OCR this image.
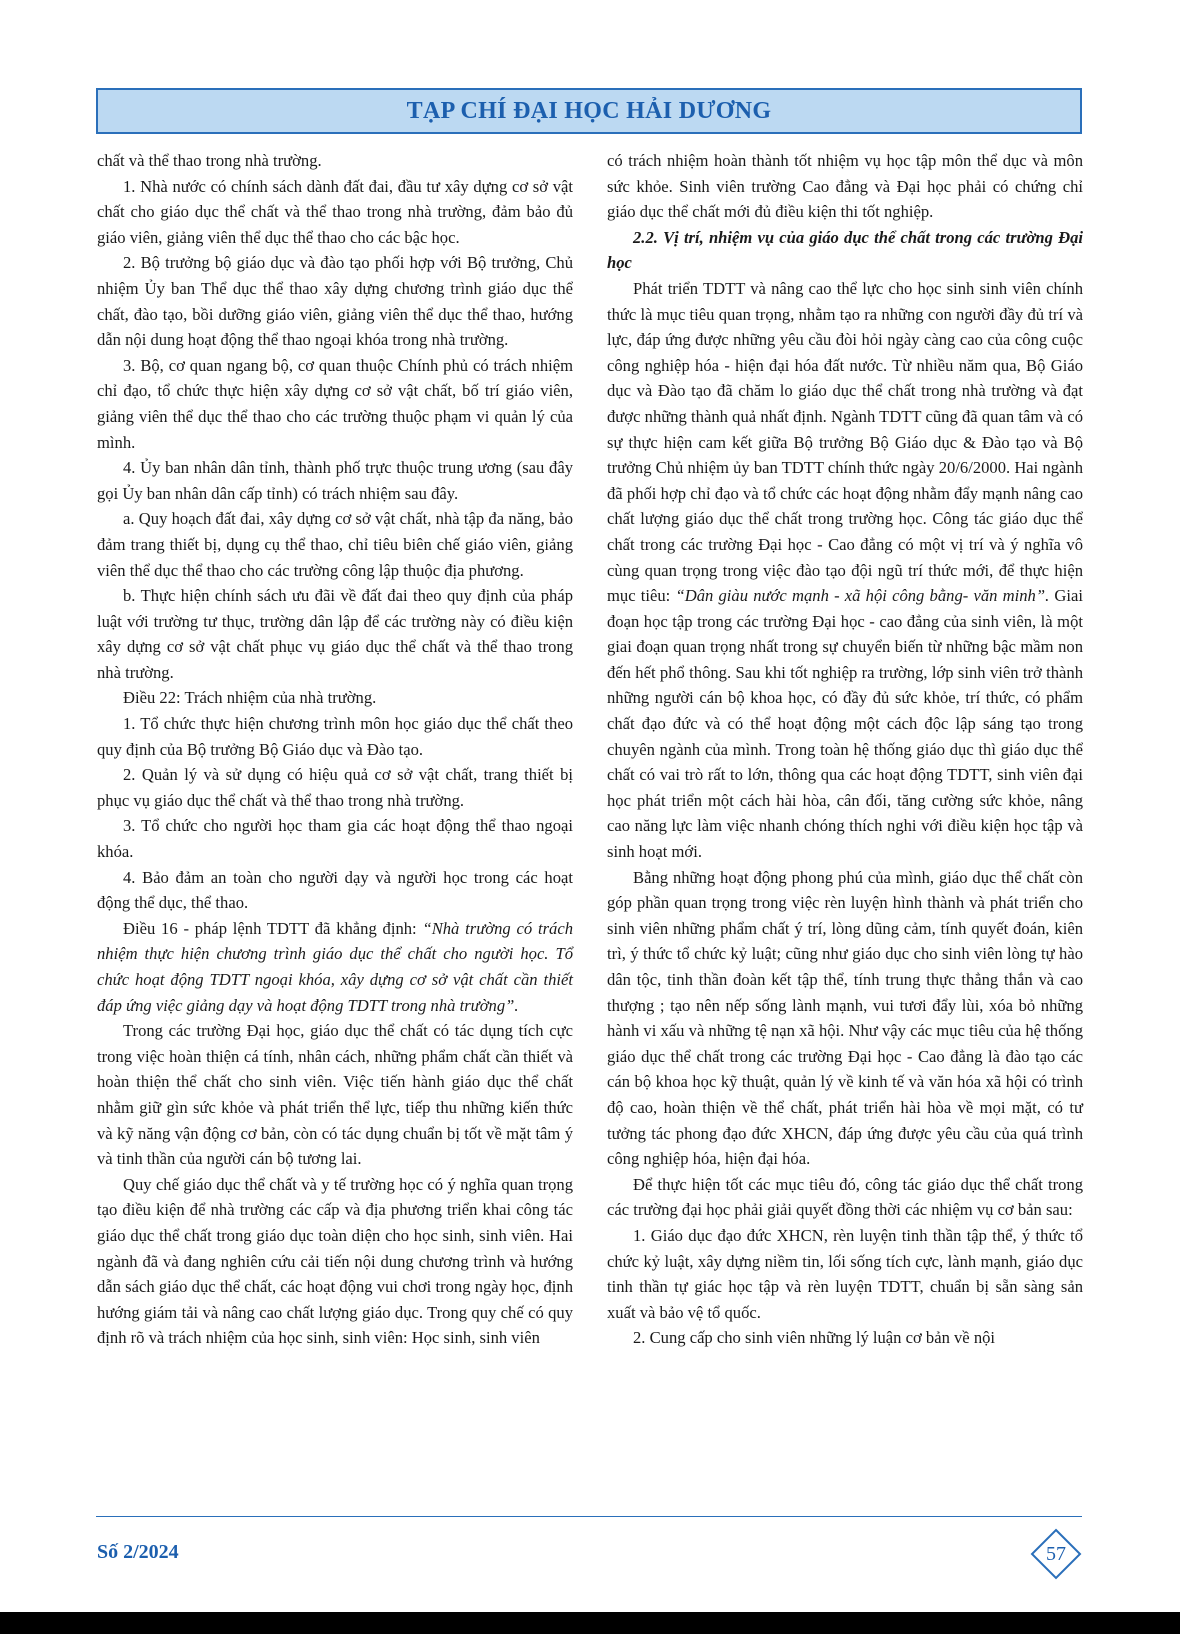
TẠP CHÍ ĐẠI HỌC HẢI DƯƠNG

chất và thể thao trong nhà trường.

1. Nhà nước có chính sách dành đất đai, đầu tư xây dựng cơ sở vật chất cho giáo dục thể chất và thể thao trong nhà trường, đảm bảo đủ giáo viên, giảng viên thể dục thể thao cho các bậc học.

2. Bộ trưởng bộ giáo dục và đào tạo phối hợp với Bộ trưởng, Chủ nhiệm Ủy ban Thể dục thể thao xây dựng chương trình giáo dục thể chất, đào tạo, bồi dưỡng giáo viên, giảng viên thể dục thể thao, hướng dẫn nội dung hoạt động thể thao ngoại khóa trong nhà trường.

3. Bộ, cơ quan ngang bộ, cơ quan thuộc Chính phủ có trách nhiệm chỉ đạo, tổ chức thực hiện xây dựng cơ sở vật chất, bố trí giáo viên, giảng viên thể dục thể thao cho các trường thuộc phạm vi quản lý của mình.

4. Ủy ban nhân dân tỉnh, thành phố trực thuộc trung ương (sau đây gọi Ủy ban nhân dân cấp tỉnh) có trách nhiệm sau đây.

a. Quy hoạch đất đai, xây dựng cơ sở vật chất, nhà tập đa năng, bảo đảm trang thiết bị, dụng cụ thể thao, chỉ tiêu biên chế giáo viên, giảng viên thể dục thể thao cho các trường công lập thuộc địa phương.

b. Thực hiện chính sách ưu đãi về đất đai theo quy định của pháp luật với trường tư thục, trường dân lập để các trường này có điều kiện xây dựng cơ sở vật chất phục vụ giáo dục thể chất và thể thao trong nhà trường.

Điều 22: Trách nhiệm của nhà trường.

1. Tổ chức thực hiện chương trình môn học giáo dục thể chất theo quy định của Bộ trưởng Bộ Giáo dục và Đào tạo.

2. Quản lý và sử dụng có hiệu quả cơ sở vật chất, trang thiết bị phục vụ giáo dục thể chất và thể thao trong nhà trường.

3. Tổ chức cho người học tham gia các hoạt động thể thao ngoại khóa.

4. Bảo đảm an toàn cho người dạy và người học trong các hoạt động thể dục, thể thao.

Điều 16 - pháp lệnh TDTT đã khẳng định: “Nhà trường có trách nhiệm thực hiện chương trình giáo dục thể chất cho người học. Tổ chức hoạt động TDTT ngoại khóa, xây dựng cơ sở vật chất cần thiết đáp ứng việc giảng dạy và hoạt động TDTT trong nhà trường”.

Trong các trường Đại học, giáo dục thể chất có tác dụng tích cực trong việc hoàn thiện cá tính, nhân cách, những phẩm chất cần thiết và hoàn thiện thể chất cho sinh viên. Việc tiến hành giáo dục thể chất nhằm giữ gìn sức khỏe và phát triển thể lực, tiếp thu những kiến thức và kỹ năng vận động cơ bản, còn có tác dụng chuẩn bị tốt về mặt tâm ý và tinh thần của người cán bộ tương lai.

Quy chế giáo dục thể chất và y tế trường học có ý nghĩa quan trọng tạo điều kiện để nhà trường các cấp và địa phương triển khai công tác giáo dục thể chất trong giáo dục toàn diện cho học sinh, sinh viên. Hai ngành đã và đang nghiên cứu cải tiến nội dung chương trình và hướng dẫn sách giáo dục thể chất, các hoạt động vui chơi trong ngày học, định hướng giám tải và nâng cao chất lượng giáo dục. Trong quy chế có quy định rõ và trách nhiệm của học sinh, sinh viên: Học sinh, sinh viên

có trách nhiệm hoàn thành tốt nhiệm vụ học tập môn thể dục và môn sức khỏe. Sinh viên trường Cao đẳng và Đại học phải có chứng chỉ giáo dục thể chất mới đủ điều kiện thi tốt nghiệp.

2.2. Vị trí, nhiệm vụ của giáo dục thể chất trong các trường Đại học

Phát triển TDTT và nâng cao thể lực cho học sinh sinh viên chính thức là mục tiêu quan trọng, nhằm tạo ra những con người đầy đủ trí và lực, đáp ứng được những yêu cầu đòi hỏi ngày càng cao của công cuộc công nghiệp hóa - hiện đại hóa đất nước. Từ nhiều năm qua, Bộ Giáo dục và Đào tạo đã chăm lo giáo dục thể chất trong nhà trường và đạt được những thành quả nhất định. Ngành TDTT cũng đã quan tâm và có sự thực hiện cam kết giữa Bộ trưởng Bộ Giáo dục & Đào tạo và Bộ trưởng Chủ nhiệm ủy ban TDTT chính thức ngày 20/6/2000. Hai ngành đã phối hợp chỉ đạo và tổ chức các hoạt động nhằm đẩy mạnh nâng cao chất lượng giáo dục thể chất trong trường học. Công tác giáo dục thể chất trong các trường Đại học - Cao đẳng có một vị trí và ý nghĩa vô cùng quan trọng trong việc đào tạo đội ngũ trí thức mới, để thực hiện mục tiêu: “Dân giàu nước mạnh - xã hội công bằng- văn minh”. Giai đoạn học tập trong các trường Đại học - cao đẳng của sinh viên, là một giai đoạn quan trọng nhất trong sự chuyển biến từ những bậc mầm non đến hết phổ thông. Sau khi tốt nghiệp ra trường, lớp sinh viên trở thành những người cán bộ khoa học, có đầy đủ sức khỏe, trí thức, có phẩm chất đạo đức và có thể hoạt động một cách độc lập sáng tạo trong chuyên ngành của mình. Trong toàn hệ thống giáo dục thì giáo dục thể chất có vai trò rất to lớn, thông qua các hoạt động TDTT, sinh viên đại học phát triển một cách hài hòa, cân đối, tăng cường sức khỏe, nâng cao năng lực làm việc nhanh chóng thích nghi với điều kiện học tập và sinh hoạt mới.

Bằng những hoạt động phong phú của mình, giáo dục thể chất còn góp phần quan trọng trong việc rèn luyện hình thành và phát triển cho sinh viên những phẩm chất ý trí, lòng dũng cảm, tính quyết đoán, kiên trì, ý thức tổ chức kỷ luật; cũng như giáo dục cho sinh viên lòng tự hào dân tộc, tinh thần đoàn kết tập thể, tính trung thực thẳng thắn và cao thượng ; tạo nên nếp sống lành mạnh, vui tươi đẩy lùi, xóa bỏ những hành vi xấu và những tệ nạn xã hội. Như vậy các mục tiêu của hệ thống giáo dục thể chất trong các trường Đại học - Cao đẳng là đào tạo các cán bộ khoa học kỹ thuật, quản lý về kinh tế và văn hóa xã hội có trình độ cao, hoàn thiện về thể chất, phát triển hài hòa về mọi mặt, có tư tưởng tác phong đạo đức XHCN, đáp ứng được yêu cầu của quá trình công nghiệp hóa, hiện đại hóa.

Để thực hiện tốt các mục tiêu đó, công tác giáo dục thể chất trong các trường đại học phải giải quyết đồng thời các nhiệm vụ cơ bản sau:

1. Giáo dục đạo đức XHCN, rèn luyện tinh thần tập thể, ý thức tổ chức kỷ luật, xây dựng niềm tin, lối sống tích cực, lành mạnh, giáo dục tinh thần tự giác học tập và rèn luyện TDTT, chuẩn bị sẵn sàng sản xuất và bảo vệ tổ quốc.

2. Cung cấp cho sinh viên những lý luận cơ bản về nội

Số 2/2024	57
